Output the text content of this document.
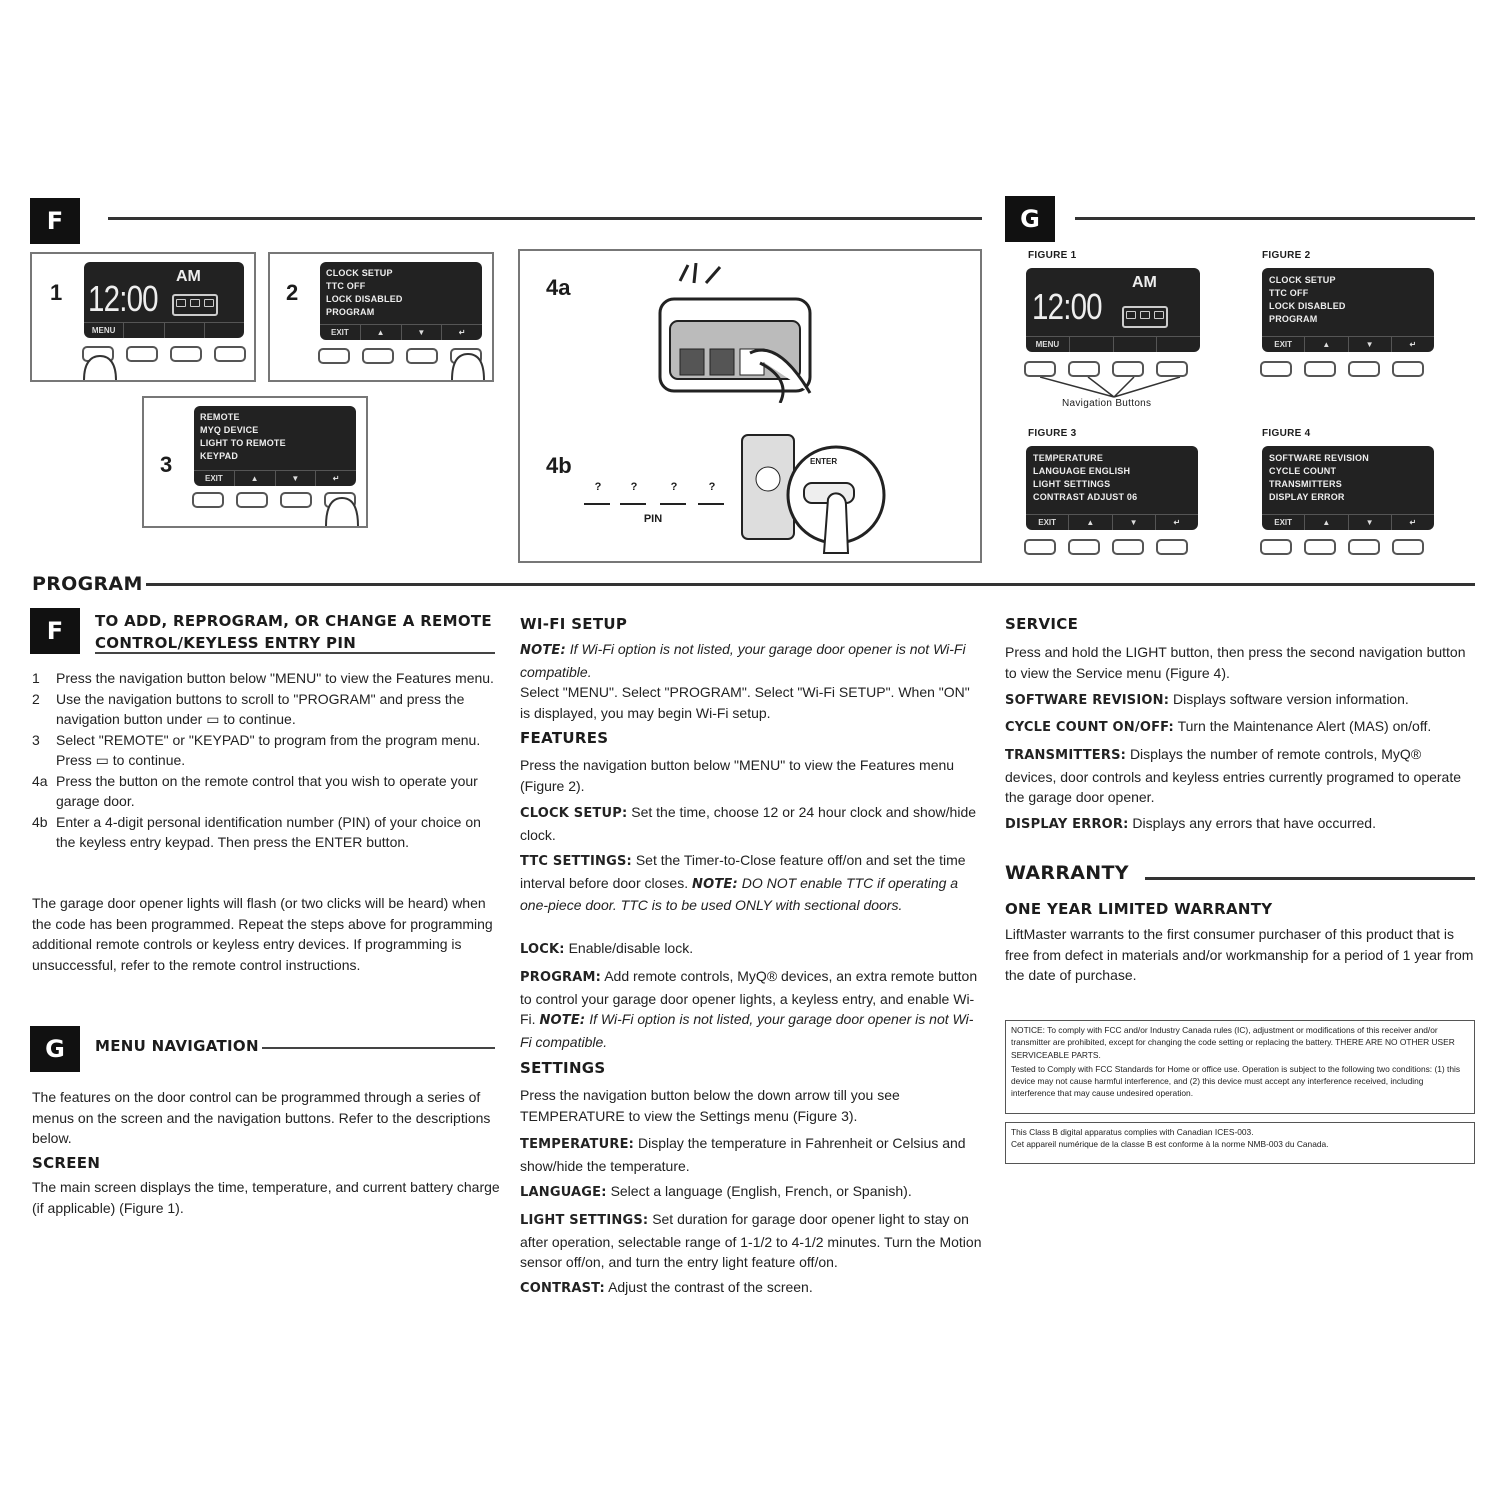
F	G
1 12:00
AM
MENU
2
CLOCK SETUP
TTC OFF
LOCK DISABLED
PROGRAM
EXIT	▲	▼	↵
3
REMOTE
MYQ DEVICE
LIGHT TO REMOTE
KEYPAD
EXIT	▲	▼	↵
4a
4b
?	?	?	?
PIN
ENTER
FIGURE 1
12:00
AM
MENU
Navigation Buttons
FIGURE 2
CLOCK SETUP
TTC OFF
LOCK DISABLED
PROGRAM
EXIT	▲	▼	↵
FIGURE 3
TEMPERATURE
LANGUAGE ENGLISH
LIGHT SETTINGS
CONTRAST ADJUST 06
EXIT	▲	▼	↵
FIGURE 4
SOFTWARE REVISION
CYCLE COUNT
TRANSMITTERS
DISPLAY ERROR
EXIT	▲	▼	↵
PROGRAM
F	TO ADD, REPROGRAM, OR CHANGE A REMOTE
CONTROL/KEYLESS ENTRY PIN
1 Press the navigation button below "MENU" to view the Features menu.
2 Use the navigation buttons to scroll to "PROGRAM" and press the navigation button under ▭ to continue.
3 Select "REMOTE" or "KEYPAD" to program from the program menu. Press ▭ to continue.
4a Press the button on the remote control that you wish to operate your garage door.
4b Enter a 4-digit personal identification number (PIN) of your choice on the keyless entry keypad. Then press the ENTER button.
The garage door opener lights will flash (or two clicks will be heard) when the code has been programmed. Repeat the steps above for programming additional remote controls or keyless entry devices. If programming is unsuccessful, refer to the remote control instructions.
G	MENU NAVIGATION
The features on the door control can be programmed through a series of menus on the screen and the navigation buttons. Refer to the descriptions below.
SCREEN
The main screen displays the time, temperature, and current battery charge (if applicable) (Figure 1).
WI-FI SETUP
NOTE: If Wi-Fi option is not listed, your garage door opener is not Wi-Fi compatible.
Select "MENU". Select "PROGRAM". Select "Wi-Fi SETUP". When "ON" is displayed, you may begin Wi-Fi setup.
FEATURES
Press the navigation button below "MENU" to view the Features menu (Figure 2).
CLOCK SETUP: Set the time, choose 12 or 24 hour clock and show/hide clock.
TTC SETTINGS: Set the Timer-to-Close feature off/on and set the time interval before door closes. NOTE: DO NOT enable TTC if operating a one-piece door. TTC is to be used ONLY with sectional doors.
LOCK: Enable/disable lock.
PROGRAM: Add remote controls, MyQ® devices, an extra remote button to control your garage door opener lights, a keyless entry, and enable Wi-Fi. NOTE: If Wi-Fi option is not listed, your garage door opener is not Wi-Fi compatible.
SETTINGS
Press the navigation button below the down arrow till you see TEMPERATURE to view the Settings menu (Figure 3).
TEMPERATURE: Display the temperature in Fahrenheit or Celsius and show/hide the temperature.
LANGUAGE: Select a language (English, French, or Spanish).
LIGHT SETTINGS: Set duration for garage door opener light to stay on after operation, selectable range of 1-1/2 to 4-1/2 minutes. Turn the Motion sensor off/on, and turn the entry light feature off/on.
CONTRAST: Adjust the contrast of the screen.
SERVICE
Press and hold the LIGHT button, then press the second navigation button to view the Service menu (Figure 4).
SOFTWARE REVISION: Displays software version information.
CYCLE COUNT ON/OFF: Turn the Maintenance Alert (MAS) on/off.
TRANSMITTERS: Displays the number of remote controls, MyQ® devices, door controls and keyless entries currently programed to operate the garage door opener.
DISPLAY ERROR: Displays any errors that have occurred.
WARRANTY
ONE YEAR LIMITED WARRANTY
LiftMaster warrants to the first consumer purchaser of this product that is free from defect in materials and/or workmanship for a period of 1 year from the date of purchase.
NOTICE: To comply with FCC and/or Industry Canada rules (IC), adjustment or modifications of this receiver and/or transmitter are prohibited, except for changing the code setting or replacing the battery. THERE ARE NO OTHER USER SERVICEABLE PARTS.
Tested to Comply with FCC Standards for Home or office use. Operation is subject to the following two conditions: (1) this device may not cause harmful interference, and (2) this device must accept any interference received, including interference that may cause undesired operation.
This Class B digital apparatus complies with Canadian ICES-003.
Cet appareil numérique de la classe B est conforme à la norme NMB-003 du Canada.
